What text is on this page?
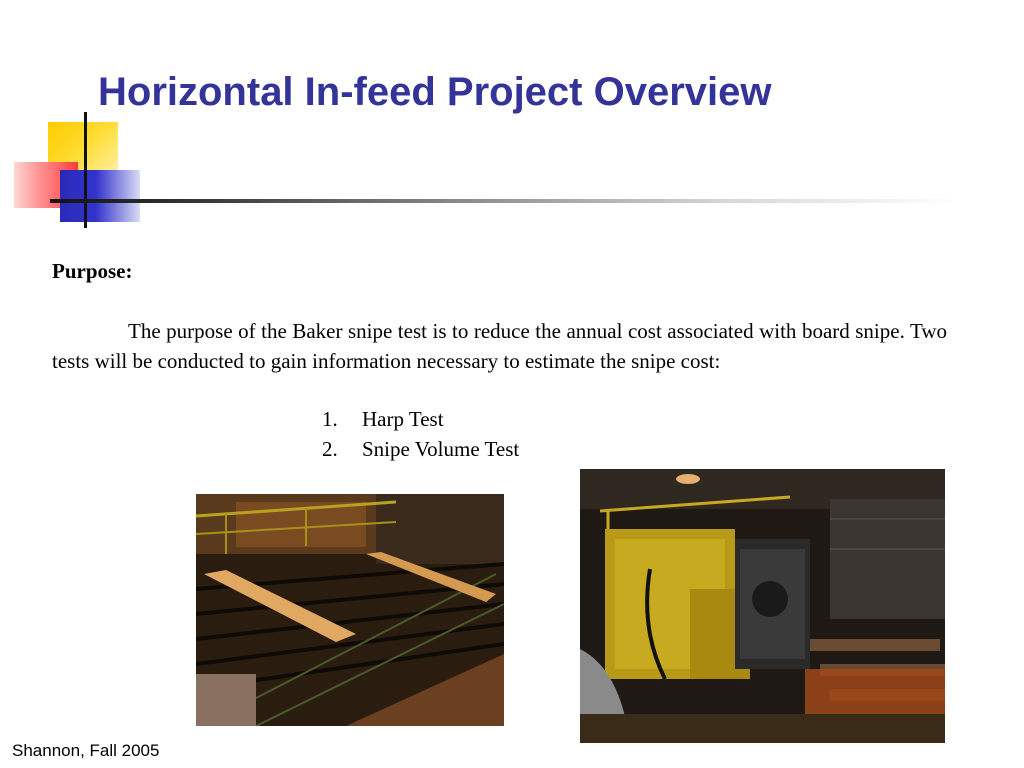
Horizontal In-feed Project Overview

Purpose:

The purpose of the Baker snipe test is to reduce the annual cost associated with board snipe. Two tests will be conducted to gain information necessary to estimate the snipe cost:

1. Harp Test
2. Snipe Volume Test
Shannon, Fall 2005
